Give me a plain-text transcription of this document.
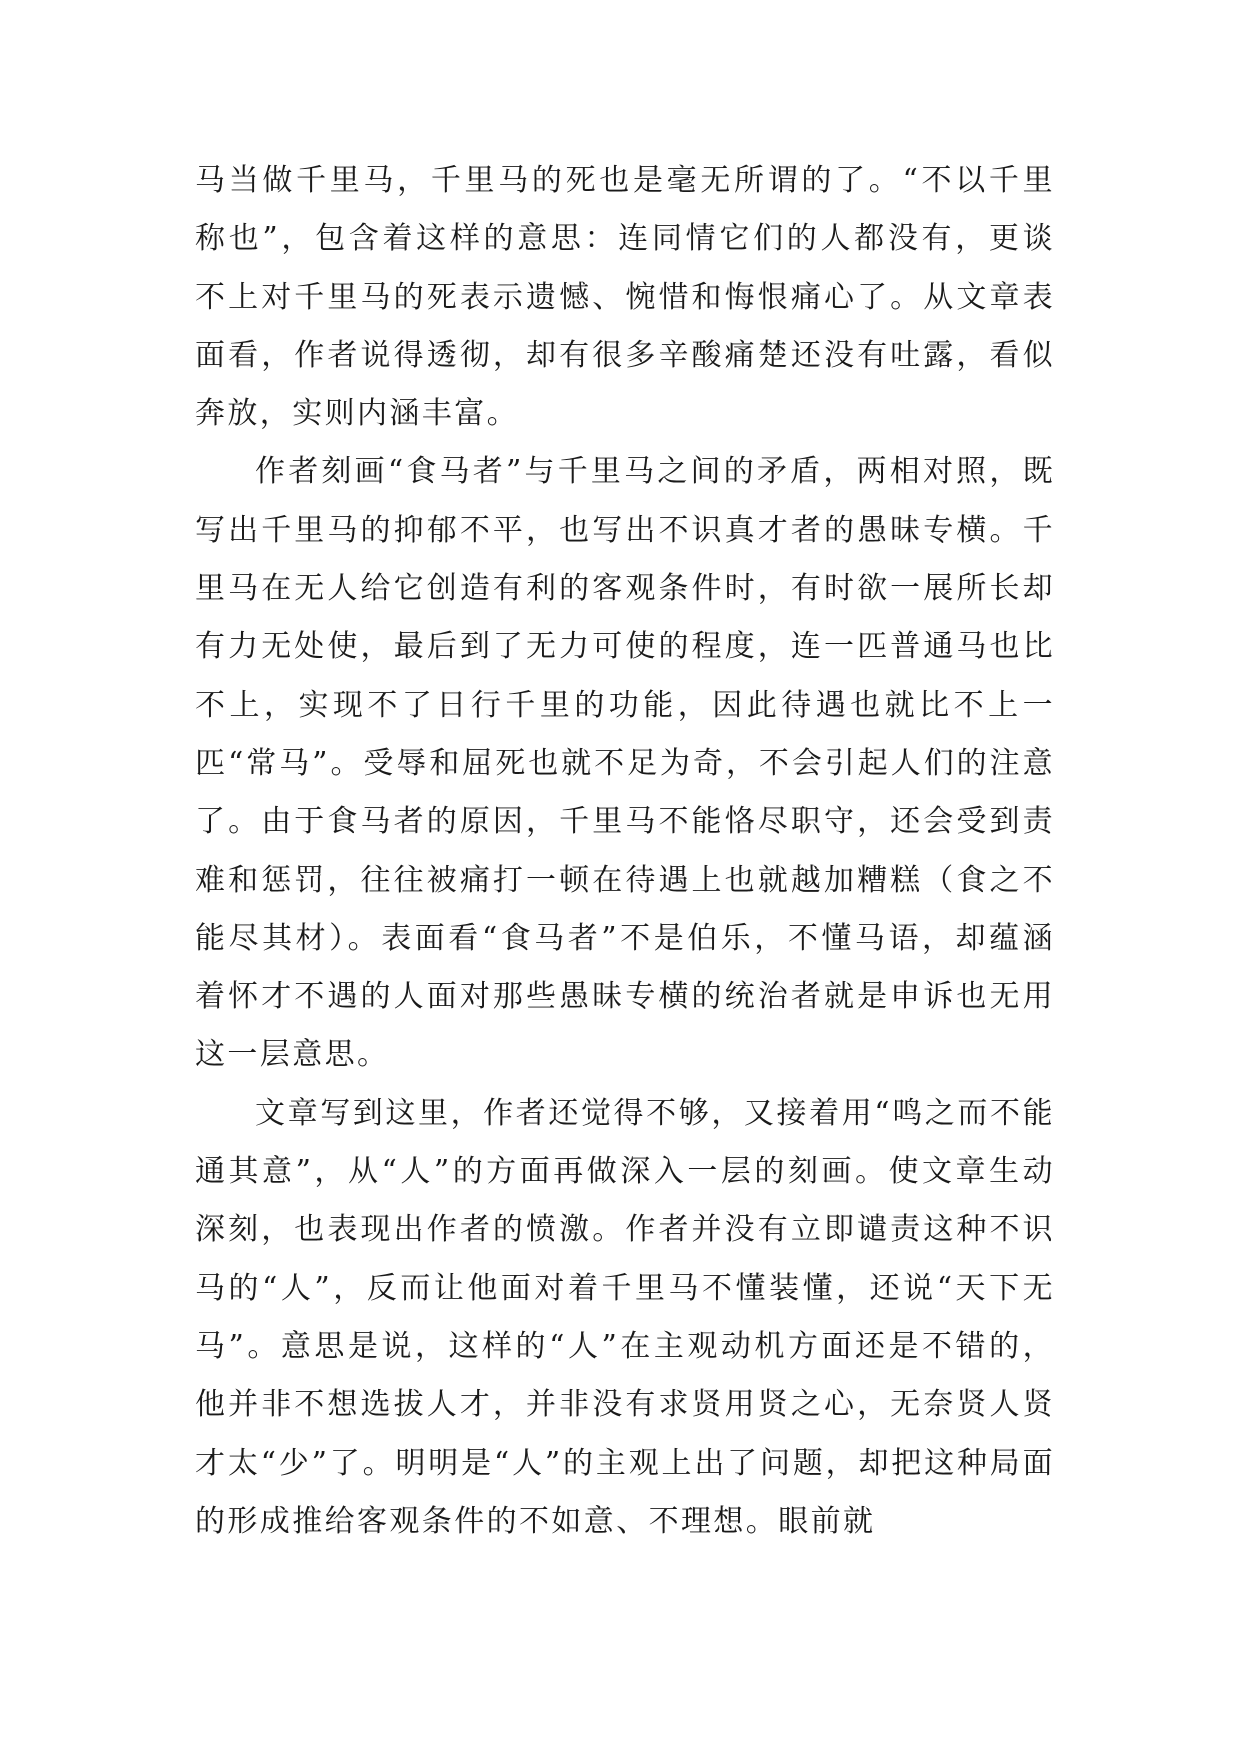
马当做千里马，千里马的死也是毫无所谓的了。“不以千里称也”，包含着这样的意思：连同情它们的人都没有，更谈不上对千里马的死表示遗憾、惋惜和悔恨痛心了。从文章表面看，作者说得透彻，却有很多辛酸痛楚还没有吐露，看似奔放，实则内涵丰富。

作者刻画“食马者”与千里马之间的矛盾，两相对照，既写出千里马的抑郁不平，也写出不识真才者的愚昧专横。千里马在无人给它创造有利的客观条件时，有时欲一展所长却有力无处使，最后到了无力可使的程度，连一匹普通马也比不上，实现不了日行千里的功能，因此待遇也就比不上一匹“常马”。受辱和屈死也就不足为奇，不会引起人们的注意了。由于食马者的原因，千里马不能恪尽职守，还会受到责难和惩罚，往往被痛打一顿在待遇上也就越加糟糕（食之不能尽其材）。表面看“食马者”不是伯乐，不懂马语，却蕴涵着怀才不遇的人面对那些愚昧专横的统治者就是申诉也无用这一层意思。

文章写到这里，作者还觉得不够，又接着用“鸣之而不能通其意”，从“人”的方面再做深入一层的刻画。使文章生动深刻，也表现出作者的愤激。作者并没有立即谴责这种不识马的“人”，反而让他面对着千里马不懂装懂，还说“天下无马”。意思是说，这样的“人”在主观动机方面还是不错的，他并非不想选拔人才，并非没有求贤用贤之心，无奈贤人贤才太“少”了。明明是“人”的主观上出了问题，却把这种局面的形成推给客观条件的不如意、不理想。眼前就
